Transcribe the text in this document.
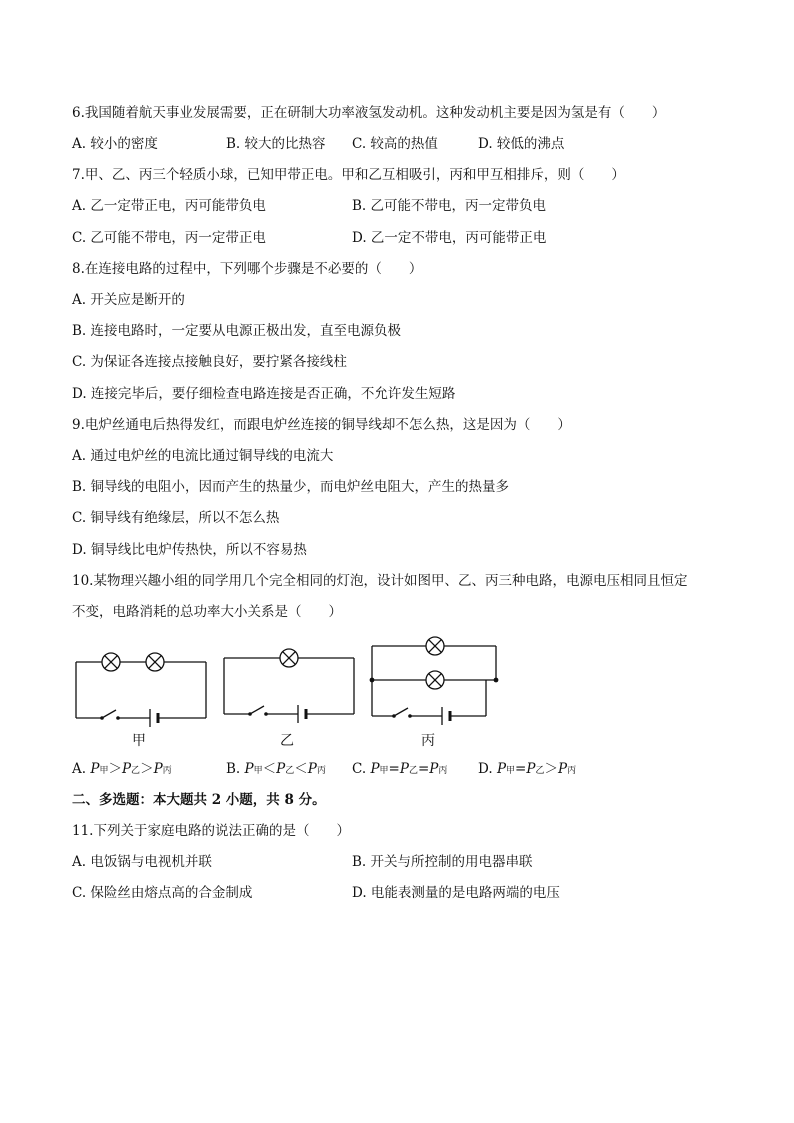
6.我国随着航天事业发展需要，正在研制大功率液氢发动机。这种发动机主要是因为氢是有（　　）
A. 较小的密度	B. 较大的比热容 C. 较高的热值	D. 较低的沸点
7.甲、乙、丙三个轻质小球，已知甲带正电。甲和乙互相吸引，丙和甲互相排斥，则（　　）
A. 乙一定带正电，丙可能带负电	B. 乙可能不带电，丙一定带负电
C. 乙可能不带电，丙一定带正电	D. 乙一定不带电，丙可能带正电
8.在连接电路的过程中，下列哪个步骤是不必要的（　　）
A. 开关应是断开的
B. 连接电路时，一定要从电源正极出发，直至电源负极
C. 为保证各连接点接触良好，要拧紧各接线柱
D. 连接完毕后，要仔细检查电路连接是否正确，不允许发生短路
9.电炉丝通电后热得发红，而跟电炉丝连接的铜导线却不怎么热，这是因为（　　）
A. 通过电炉丝的电流比通过铜导线的电流大
B. 铜导线的电阻小，因而产生的热量少，而电炉丝电阻大，产生的热量多
C. 铜导线有绝缘层，所以不怎么热
D. 铜导线比电炉传热快，所以不容易热
10.某物理兴趣小组的同学用几个完全相同的灯泡，设计如图甲、乙、丙三种电路，电源电压相同且恒定
不变，电路消耗的总功率大小关系是（　　）
甲	乙	丙
A. P甲＞P乙＞P丙	B. P甲＜P乙＜P丙 C. P甲=P乙=P丙 D. P甲=P乙＞P丙
二、多选题：本大题共 2 小题，共 8 分。
11.下列关于家庭电路的说法正确的是（　　）
A. 电饭锅与电视机并联	B. 开关与所控制的用电器串联
C. 保险丝由熔点高的合金制成	D. 电能表测量的是电路两端的电压
